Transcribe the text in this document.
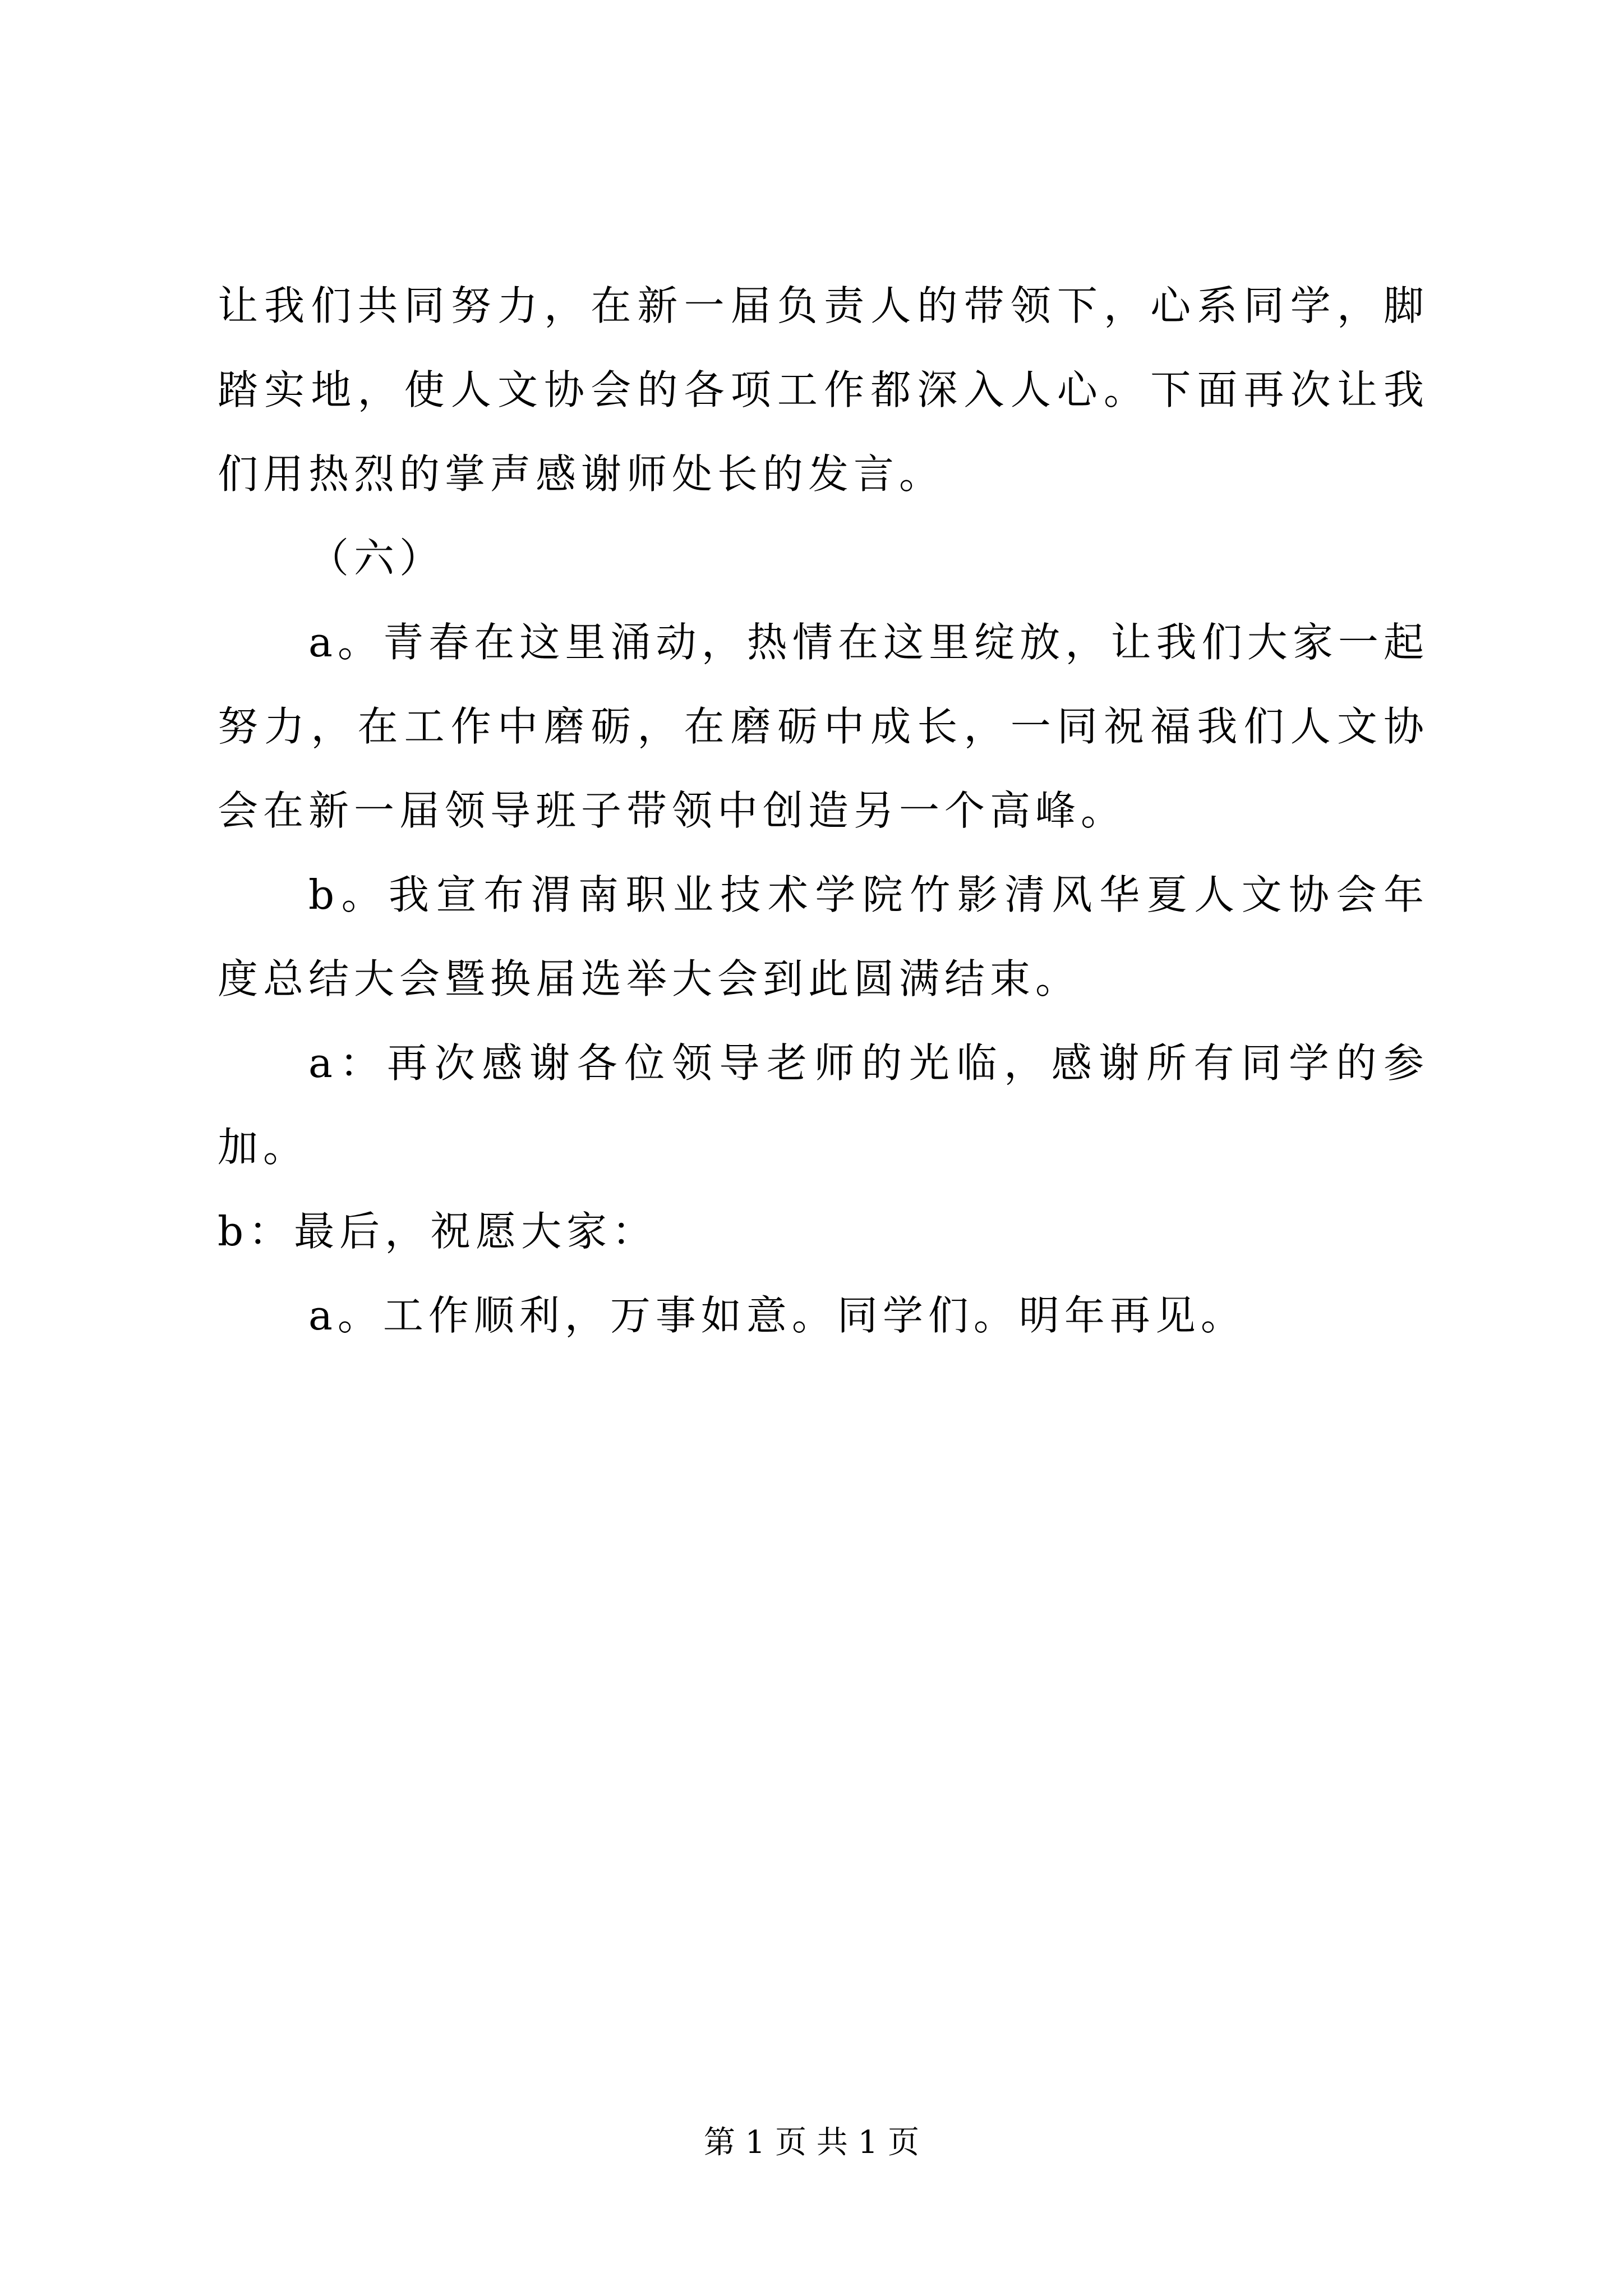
让我们共同努力，在新一届负责人的带领下，心系同学，脚踏实地，使人文协会的各项工作都深入人心。下面再次让我们用热烈的掌声感谢师处长的发言。

（六）

a。青春在这里涌动，热情在这里绽放，让我们大家一起努力，在工作中磨砺，在磨砺中成长，一同祝福我们人文协会在新一届领导班子带领中创造另一个高峰。

b。我宣布渭南职业技术学院竹影清风华夏人文协会年度总结大会暨换届选举大会到此圆满结束。

a：再次感谢各位领导老师的光临，感谢所有同学的参加。

b：最后，祝愿大家：

a。工作顺利，万事如意。同学们。明年再见。

第 1 页 共 1 页
